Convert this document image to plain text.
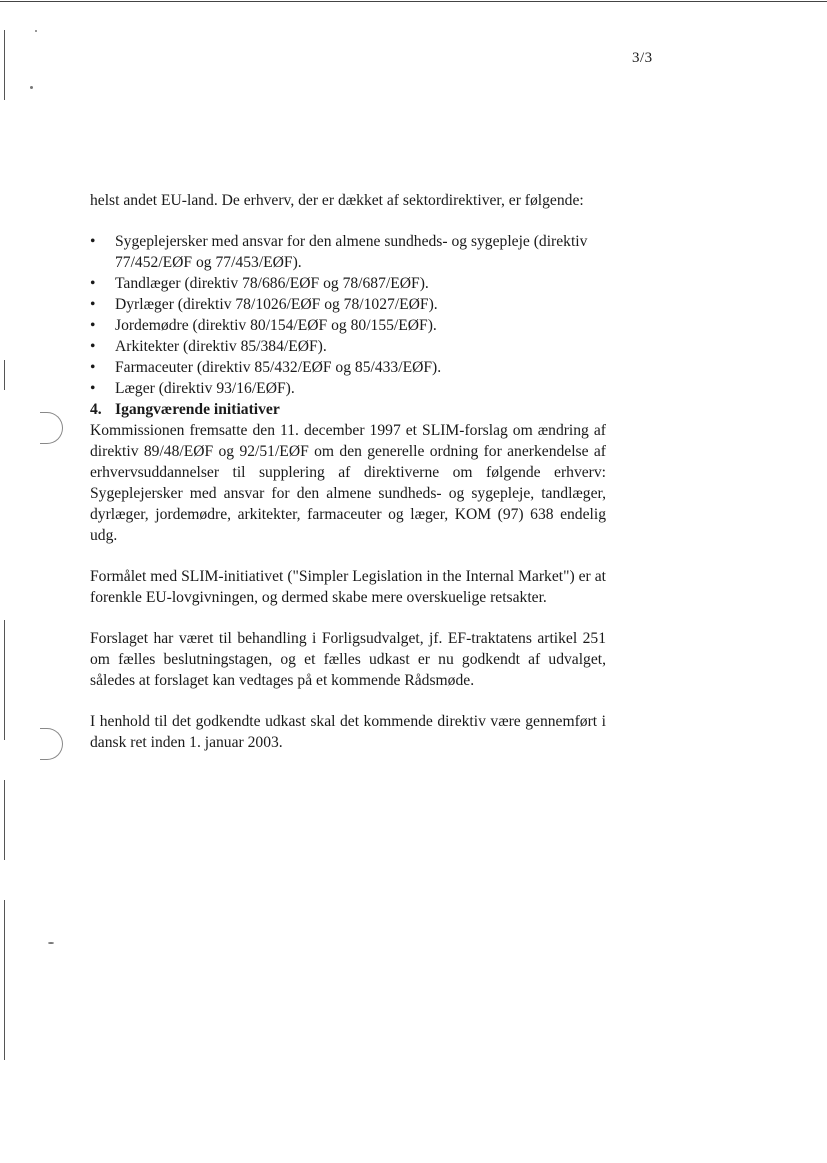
3/3

helst andet EU-land. De erhverv, der er dækket af sektordirektiver, er følgende:

• Sygeplejersker med ansvar for den almene sundheds- og sygepleje (direktiv 77/452/EØF og 77/453/EØF).
• Tandlæger (direktiv 78/686/EØF og 78/687/EØF).
• Dyrlæger (direktiv 78/1026/EØF og 78/1027/EØF).
• Jordemødre (direktiv 80/154/EØF og 80/155/EØF).
• Arkitekter (direktiv 85/384/EØF).
• Farmaceuter (direktiv 85/432/EØF og 85/433/EØF).
• Læger (direktiv 93/16/EØF).

4. Igangværende initiativer

Kommissionen fremsatte den 11. december 1997 et SLIM-forslag om ændring af direktiv 89/48/EØF og 92/51/EØF om den generelle ordning for anerkendelse af erhvervsuddannelser til supplering af direktiverne om følgende erhverv: Sygeplejersker med ansvar for den almene sundheds- og sygepleje, tandlæger, dyrlæger, jordemødre, arkitekter, farmaceuter og læger, KOM (97) 638 endelig udg.

Formålet med SLIM-initiativet ("Simpler Legislation in the Internal Market") er at forenkle EU-lovgivningen, og dermed skabe mere overskuelige retsakter.

Forslaget har været til behandling i Forligsudvalget, jf. EF-traktatens artikel 251 om fælles beslutningstagen, og et fælles udkast er nu godkendt af udvalget, således at forslaget kan vedtages på et kommende Rådsmøde.

I henhold til det godkendte udkast skal det kommende direktiv være gennemført i dansk ret inden 1. januar 2003.
